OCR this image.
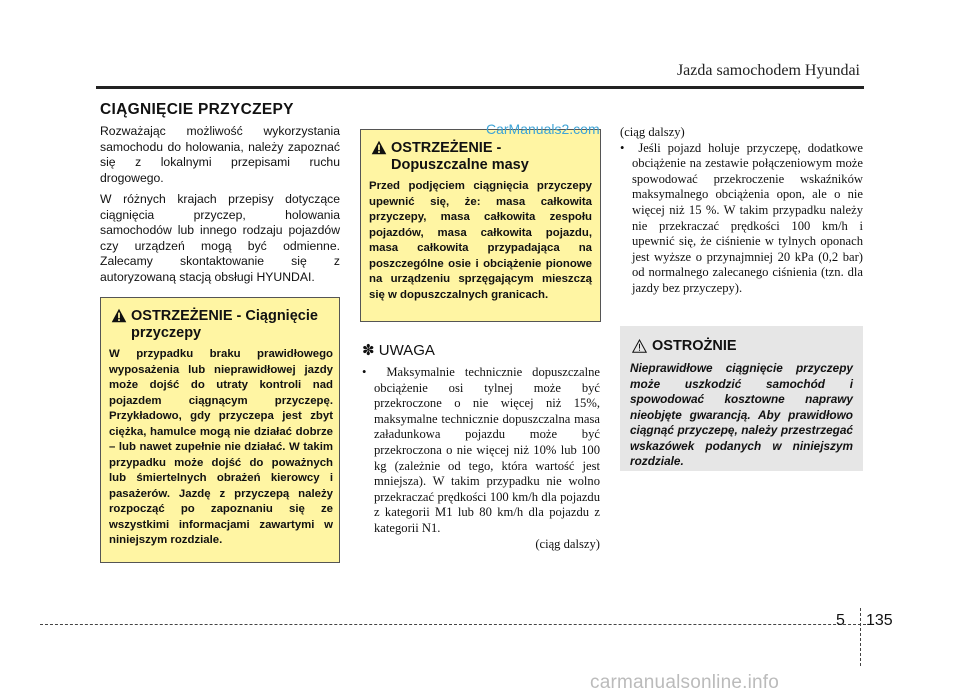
Jazda samochodem Hyundai
CIĄGNIĘCIE PRZYCZEPY

Rozważając możliwość wykorzystania samochodu do holowania, należy zapoznać się z lokalnymi przepisami ruchu drogowego.

W różnych krajach przepisy dotyczące ciągnięcia przyczep, holowania samochodów lub innego rodzaju pojazdów czy urządzeń mogą być odmienne. Zalecamy skontaktowanie się z autoryzowaną stacją obsługi HYUNDAI.

OSTRZEŻENIE - Ciągnięcie przyczepy
W przypadku braku prawidłowego wyposażenia lub nieprawidłowej jazdy może dojść do utraty kontroli nad pojazdem ciągnącym przyczepę. Przykładowo, gdy przyczepa jest zbyt ciężka, hamulce mogą nie działać dobrze – lub nawet zupełnie nie działać. W takim przypadku może dojść do poważnych lub śmiertelnych obrażeń kierowcy i pasażerów. Jazdę z przyczepą należy rozpocząć po zapoznaniu się ze wszystkimi informacjami zawartymi w niniejszym rozdziale.
OSTRZEŻENIE - Dopuszczalne masy
Przed podjęciem ciągnięcia przyczepy upewnić się, że: masa całkowita przyczepy, masa całkowita zespołu pojazdów, masa całkowita pojazdu, masa całkowita przypadająca na poszczególne osie i obciążenie pionowe na urządzeniu sprzęgającym mieszczą się w dopuszczalnych granicach.
CarManuals2.com
✽ UWAGA
•  Maksymalnie technicznie dopuszczalne obciążenie osi tylnej może być przekroczone o nie więcej niż 15%, maksymalne technicznie dopuszczalna masa załadunkowa pojazdu może być przekroczona o nie więcej niż 10% lub 100 kg (zależnie od tego, która wartość jest mniejsza). W takim przypadku nie wolno przekraczać prędkości 100 km/h dla pojazdu z kategorii M1 lub 80 km/h dla pojazdu z kategorii N1.
(ciąg dalszy)
(ciąg dalszy)
•  Jeśli pojazd holuje przyczepę, dodatkowe obciążenie na zestawie połączeniowym może spowodować przekroczenie wskaźników maksymalnego obciążenia opon, ale o nie więcej niż 15 %. W takim przypadku należy nie przekraczać prędkości 100 km/h i upewnić się, że ciśnienie w tylnych oponach jest wyższe o przynajmniej 20 kPa (0,2 bar) od normalnego zalecanego ciśnienia (tzn. dla jazdy bez przyczepy).
OSTROŻNIE
Nieprawidłowe ciągnięcie przyczepy może uszkodzić samochód i spowodować kosztowne naprawy nieobjęte gwarancją. Aby prawidłowo ciągnąć przyczepę, należy przestrzegać wskazówek podanych w niniejszym rozdziale.
5 135
carmanualsonline.info
